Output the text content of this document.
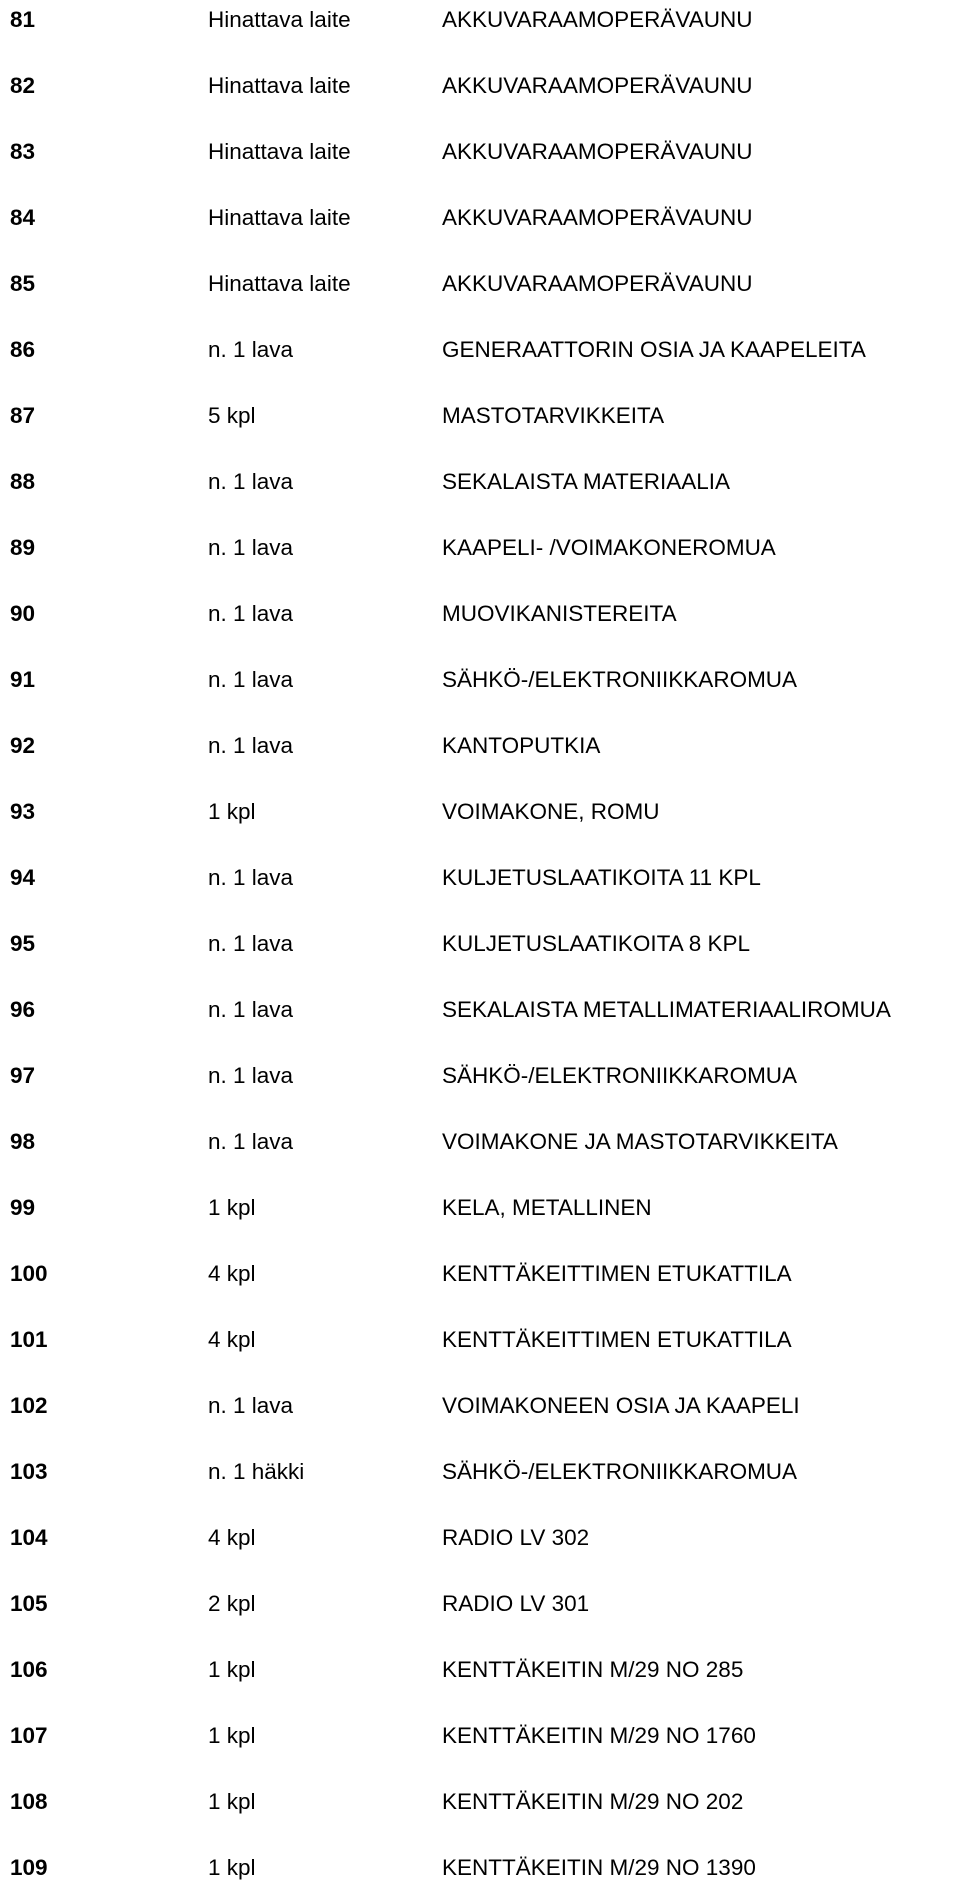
81	Hinattava laite	AKKUVARAAMOPERÄVAUNU
82	Hinattava laite	AKKUVARAAMOPERÄVAUNU
83	Hinattava laite	AKKUVARAAMOPERÄVAUNU
84	Hinattava laite	AKKUVARAAMOPERÄVAUNU
85	Hinattava laite	AKKUVARAAMOPERÄVAUNU
86	n. 1 lava	GENERAATTORIN OSIA JA KAAPELEITA
87	5 kpl	MASTOTARVIKKEITA
88	n. 1 lava	SEKALAISTA MATERIAALIA
89	n. 1 lava	KAAPELI- /VOIMAKONEROMUA
90	n. 1 lava	MUOVIKANISTEREITA
91	n. 1 lava	SÄHKÖ-/ELEKTRONIIKKAROMUA
92	n. 1 lava	KANTOPUTKIA
93	1 kpl	VOIMAKONE, ROMU
94	n. 1 lava	KULJETUSLAATIKOITA 11 KPL
95	n. 1 lava	KULJETUSLAATIKOITA 8 KPL
96	n. 1 lava	SEKALAISTA METALLIMATERIAALIROMUA
97	n. 1 lava	SÄHKÖ-/ELEKTRONIIKKAROMUA
98	n. 1 lava	VOIMAKONE JA MASTOTARVIKKEITA
99	1 kpl	KELA, METALLINEN
100	4 kpl	KENTTÄKEITTIMEN ETUKATTILA
101	4 kpl	KENTTÄKEITTIMEN ETUKATTILA
102	n. 1 lava	VOIMAKONEEN OSIA JA KAAPELI
103	n. 1 häkki	SÄHKÖ-/ELEKTRONIIKKAROMUA
104	4 kpl	RADIO LV 302
105	2 kpl	RADIO LV 301
106	1 kpl	KENTTÄKEITIN M/29 NO 285
107	1 kpl	KENTTÄKEITIN M/29 NO 1760
108	1 kpl	KENTTÄKEITIN M/29 NO 202
109	1 kpl	KENTTÄKEITIN M/29 NO 1390
